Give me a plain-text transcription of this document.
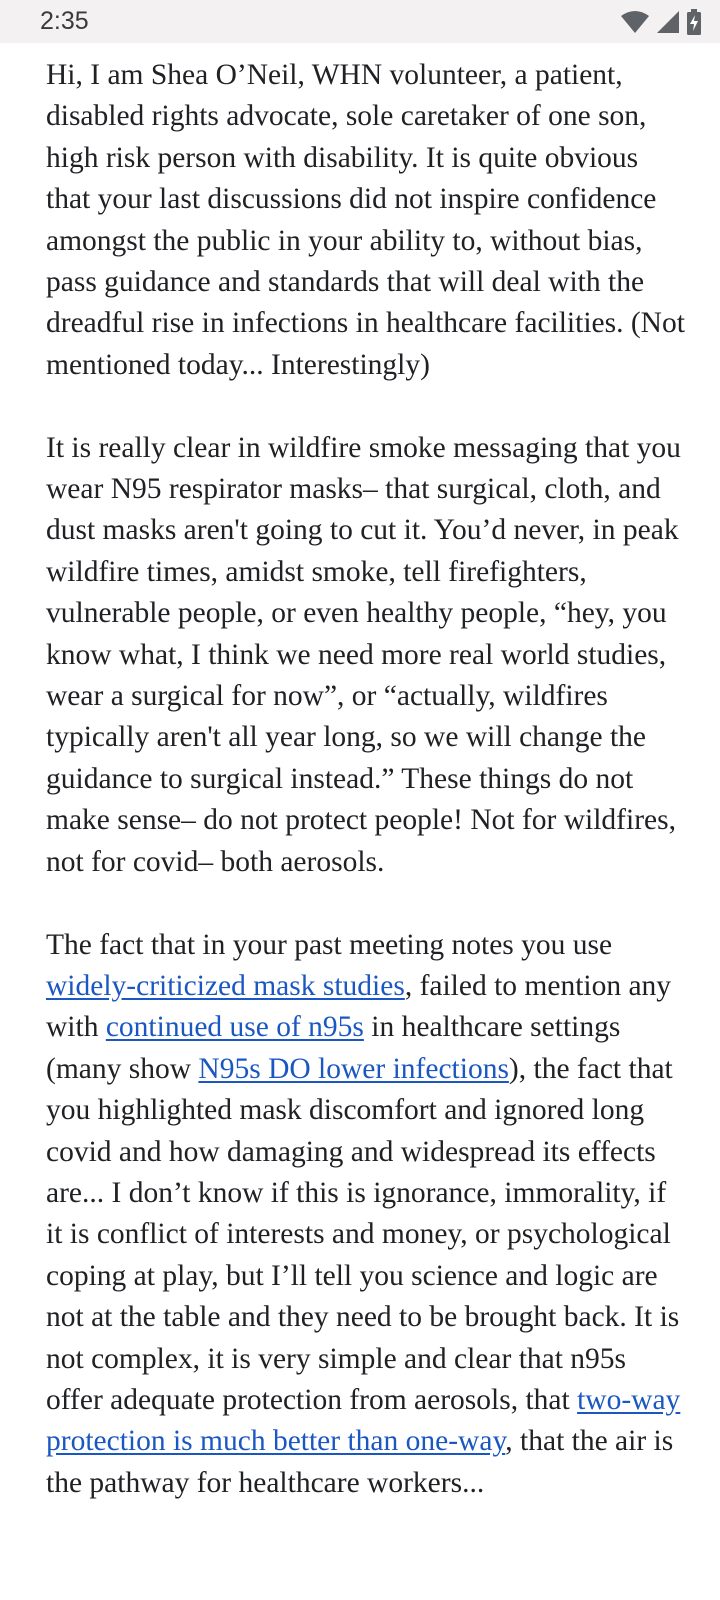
2:35

Hi, I am Shea O’Neil, WHN volunteer, a patient, disabled rights advocate, sole caretaker of one son, high risk person with disability. It is quite obvious that your last discussions did not inspire confidence amongst the public in your ability to, without bias, pass guidance and standards that will deal with the dreadful rise in infections in healthcare facilities. (Not mentioned today... Interestingly)

It is really clear in wildfire smoke messaging that you wear N95 respirator masks– that surgical, cloth, and dust masks aren't going to cut it. You’d never, in peak wildfire times, amidst smoke, tell firefighters, vulnerable people, or even healthy people, “hey, you know what, I think we need more real world studies, wear a surgical for now”, or “actually, wildfires typically aren't all year long, so we will change the guidance to surgical instead.” These things do not make sense– do not protect people! Not for wildfires, not for covid– both aerosols.

The fact that in your past meeting notes you use widely-criticized mask studies, failed to mention any with continued use of n95s in healthcare settings (many show N95s DO lower infections), the fact that you highlighted mask discomfort and ignored long covid and how damaging and widespread its effects are... I don’t know if this is ignorance, immorality, if it is conflict of interests and money, or psychological coping at play, but I’ll tell you science and logic are not at the table and they need to be brought back. It is not complex, it is very simple and clear that n95s offer adequate protection from aerosols, that two-way protection is much better than one-way, that the air is the pathway for healthcare workers...
